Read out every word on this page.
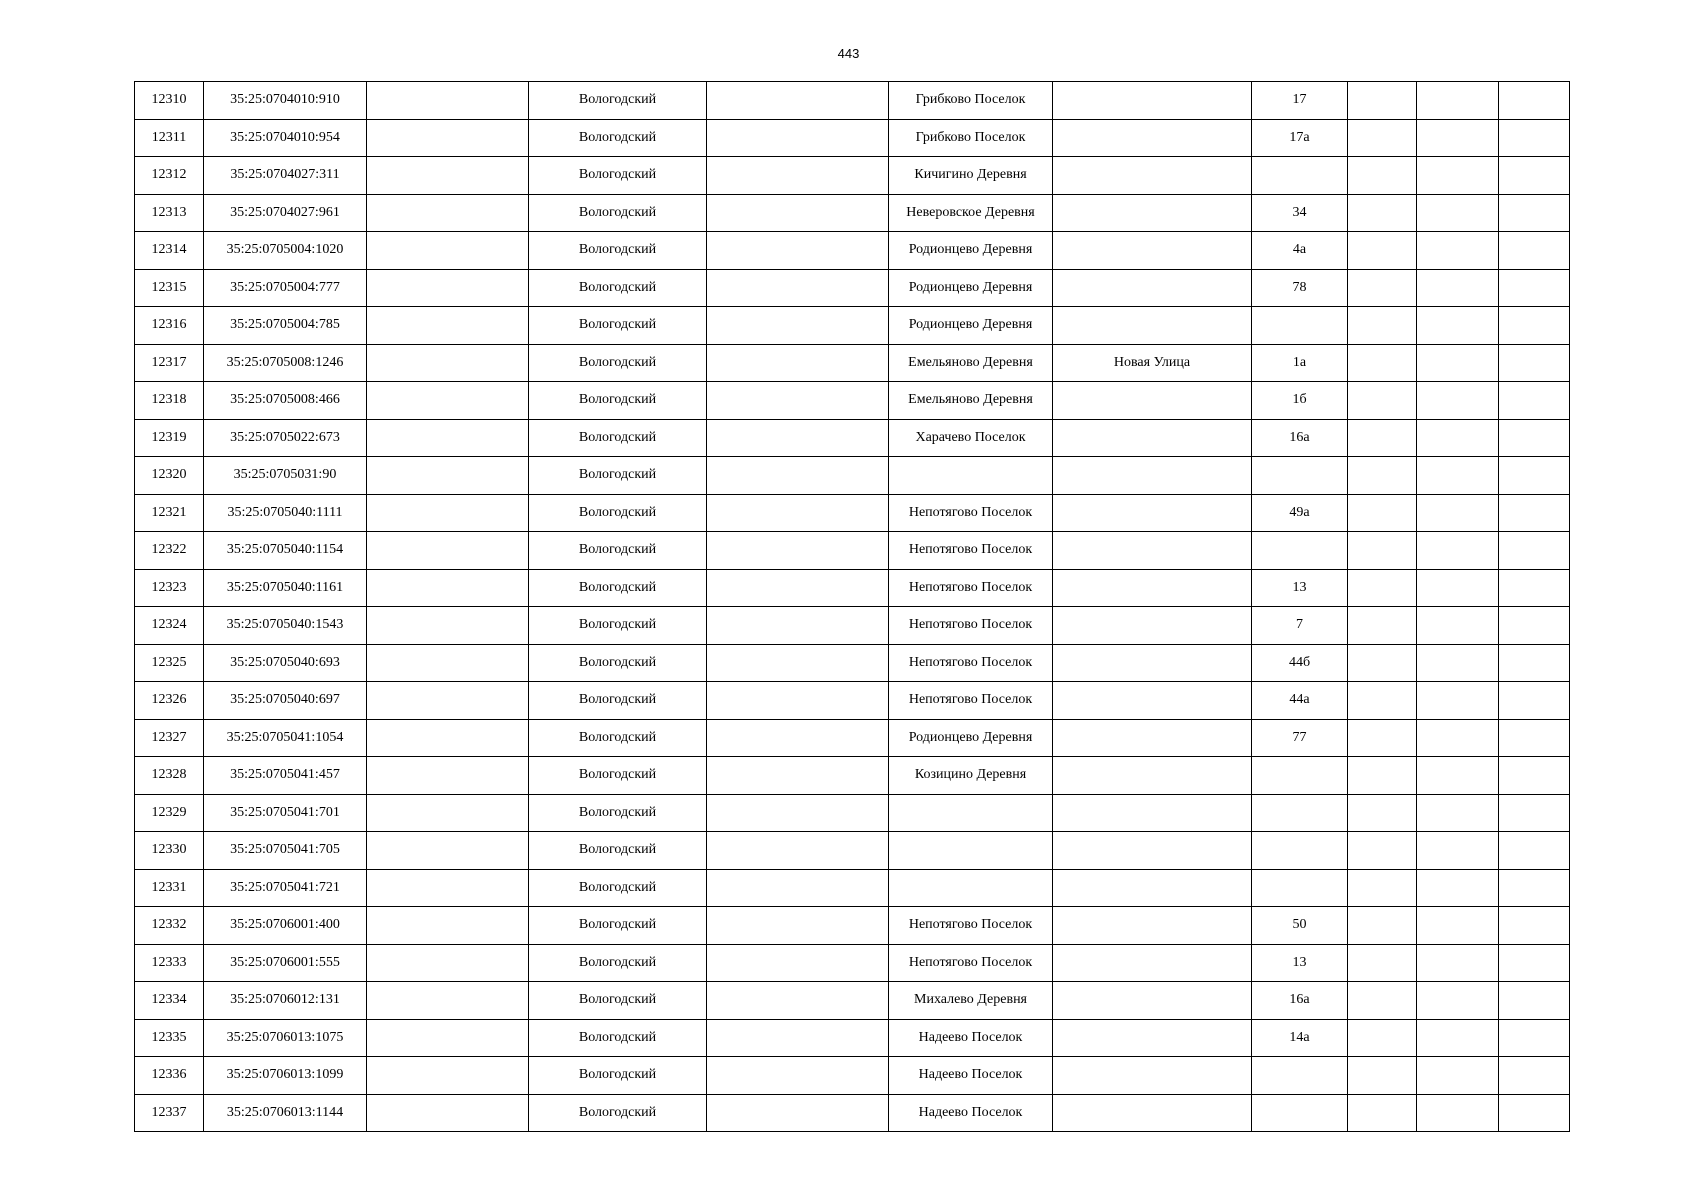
443
12310	35:25:0704010:910		Вологодский		Грибково Поселок		17			
12311	35:25:0704010:954		Вологодский		Грибково Поселок		17а			
12312	35:25:0704027:311		Вологодский		Кичигино Деревня					
12313	35:25:0704027:961		Вологодский		Неверовское Деревня		34			
12314	35:25:0705004:1020		Вологодский		Родионцево Деревня		4а			
12315	35:25:0705004:777		Вологодский		Родионцево Деревня		78			
12316	35:25:0705004:785		Вологодский		Родионцево Деревня					
12317	35:25:0705008:1246		Вологодский		Емельяново Деревня	Новая Улица	1а			
12318	35:25:0705008:466		Вологодский		Емельяново Деревня		1б			
12319	35:25:0705022:673		Вологодский		Харачево Поселок		16а			
12320	35:25:0705031:90		Вологодский							
12321	35:25:0705040:1111		Вологодский		Непотягово Поселок		49а			
12322	35:25:0705040:1154		Вологодский		Непотягово Поселок					
12323	35:25:0705040:1161		Вологодский		Непотягово Поселок		13			
12324	35:25:0705040:1543		Вологодский		Непотягово Поселок		7			
12325	35:25:0705040:693		Вологодский		Непотягово Поселок		44б			
12326	35:25:0705040:697		Вологодский		Непотягово Поселок		44а			
12327	35:25:0705041:1054		Вологодский		Родионцево Деревня		77			
12328	35:25:0705041:457		Вологодский		Козицино Деревня					
12329	35:25:0705041:701		Вологодский							
12330	35:25:0705041:705		Вологодский							
12331	35:25:0705041:721		Вологодский							
12332	35:25:0706001:400		Вологодский		Непотягово Поселок		50			
12333	35:25:0706001:555		Вологодский		Непотягово Поселок		13			
12334	35:25:0706012:131		Вологодский		Михалево Деревня		16а			
12335	35:25:0706013:1075		Вологодский		Надеево Поселок		14а			
12336	35:25:0706013:1099		Вологодский		Надеево Поселок					
12337	35:25:0706013:1144		Вологодский		Надеево Поселок					
